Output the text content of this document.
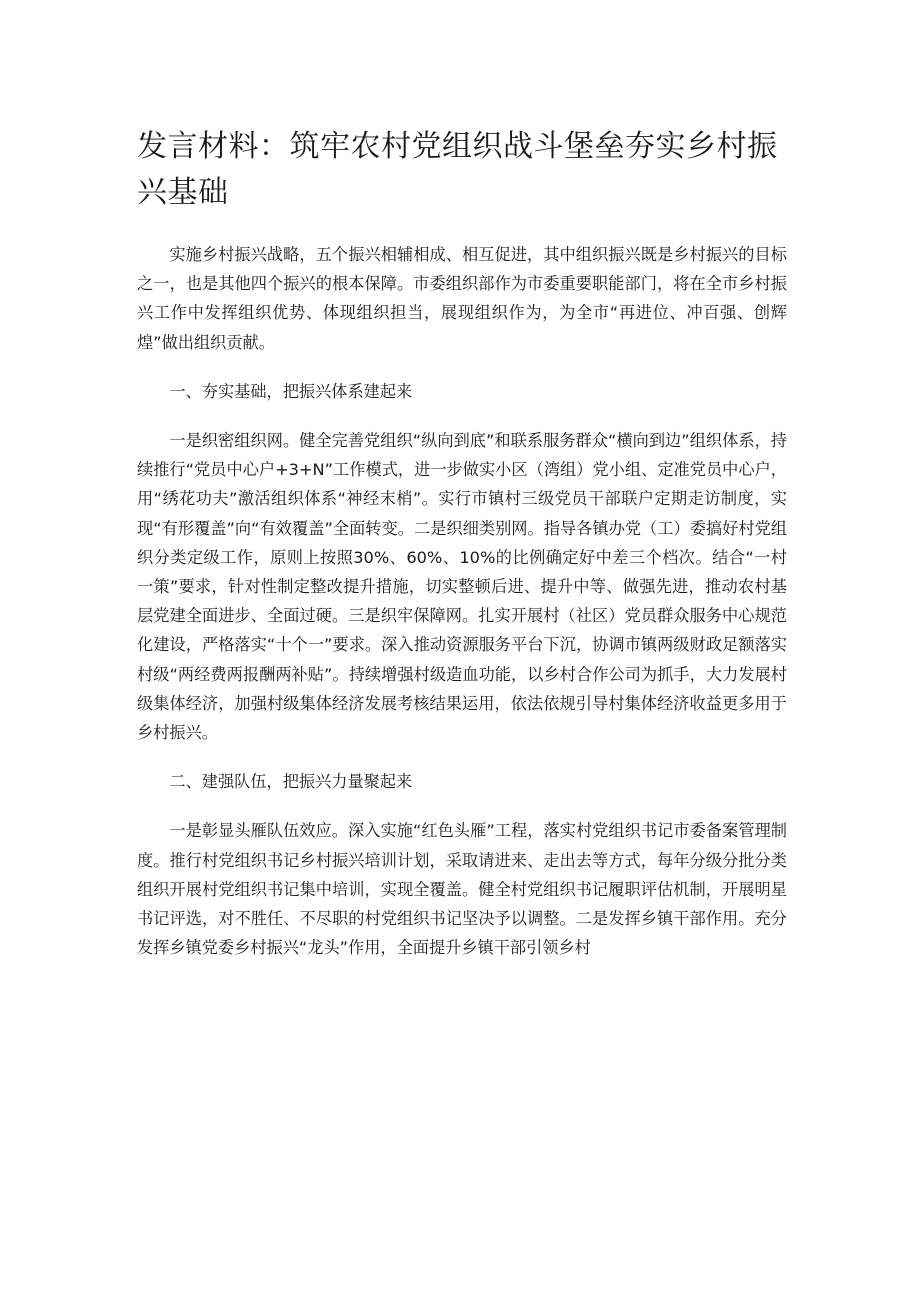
发言材料：筑牢农村党组织战斗堡垒夯实乡村振兴基础

实施乡村振兴战略，五个振兴相辅相成、相互促进，其中组织振兴既是乡村振兴的目标之一，也是其他四个振兴的根本保障。市委组织部作为市委重要职能部门，将在全市乡村振兴工作中发挥组织优势、体现组织担当，展现组织作为，为全市“再进位、冲百强、创辉煌”做出组织贡献。

一、夯实基础，把振兴体系建起来

一是织密组织网。健全完善党组织“纵向到底”和联系服务群众“横向到边”组织体系，持续推行“党员中心户+3+N”工作模式，进一步做实小区（湾组）党小组、定准党员中心户，用“绣花功夫”激活组织体系“神经末梢”。实行市镇村三级党员干部联户定期走访制度，实现“有形覆盖”向“有效覆盖”全面转变。二是织细类别网。指导各镇办党（工）委搞好村党组织分类定级工作，原则上按照30%、60%、10%的比例确定好中差三个档次。结合“一村一策”要求，针对性制定整改提升措施，切实整顿后进、提升中等、做强先进，推动农村基层党建全面进步、全面过硬。三是织牢保障网。扎实开展村（社区）党员群众服务中心规范化建设，严格落实“十个一”要求。深入推动资源服务平台下沉，协调市镇两级财政足额落实村级“两经费两报酬两补贴”。持续增强村级造血功能，以乡村合作公司为抓手，大力发展村级集体经济，加强村级集体经济发展考核结果运用，依法依规引导村集体经济收益更多用于乡村振兴。

二、建强队伍，把振兴力量聚起来

一是彰显头雁队伍效应。深入实施“红色头雁”工程，落实村党组织书记市委备案管理制度。推行村党组织书记乡村振兴培训计划，采取请进来、走出去等方式，每年分级分批分类组织开展村党组织书记集中培训，实现全覆盖。健全村党组织书记履职评估机制，开展明星书记评选，对不胜任、不尽职的村党组织书记坚决予以调整。二是发挥乡镇干部作用。充分发挥乡镇党委乡村振兴“龙头”作用，全面提升乡镇干部引领乡村
